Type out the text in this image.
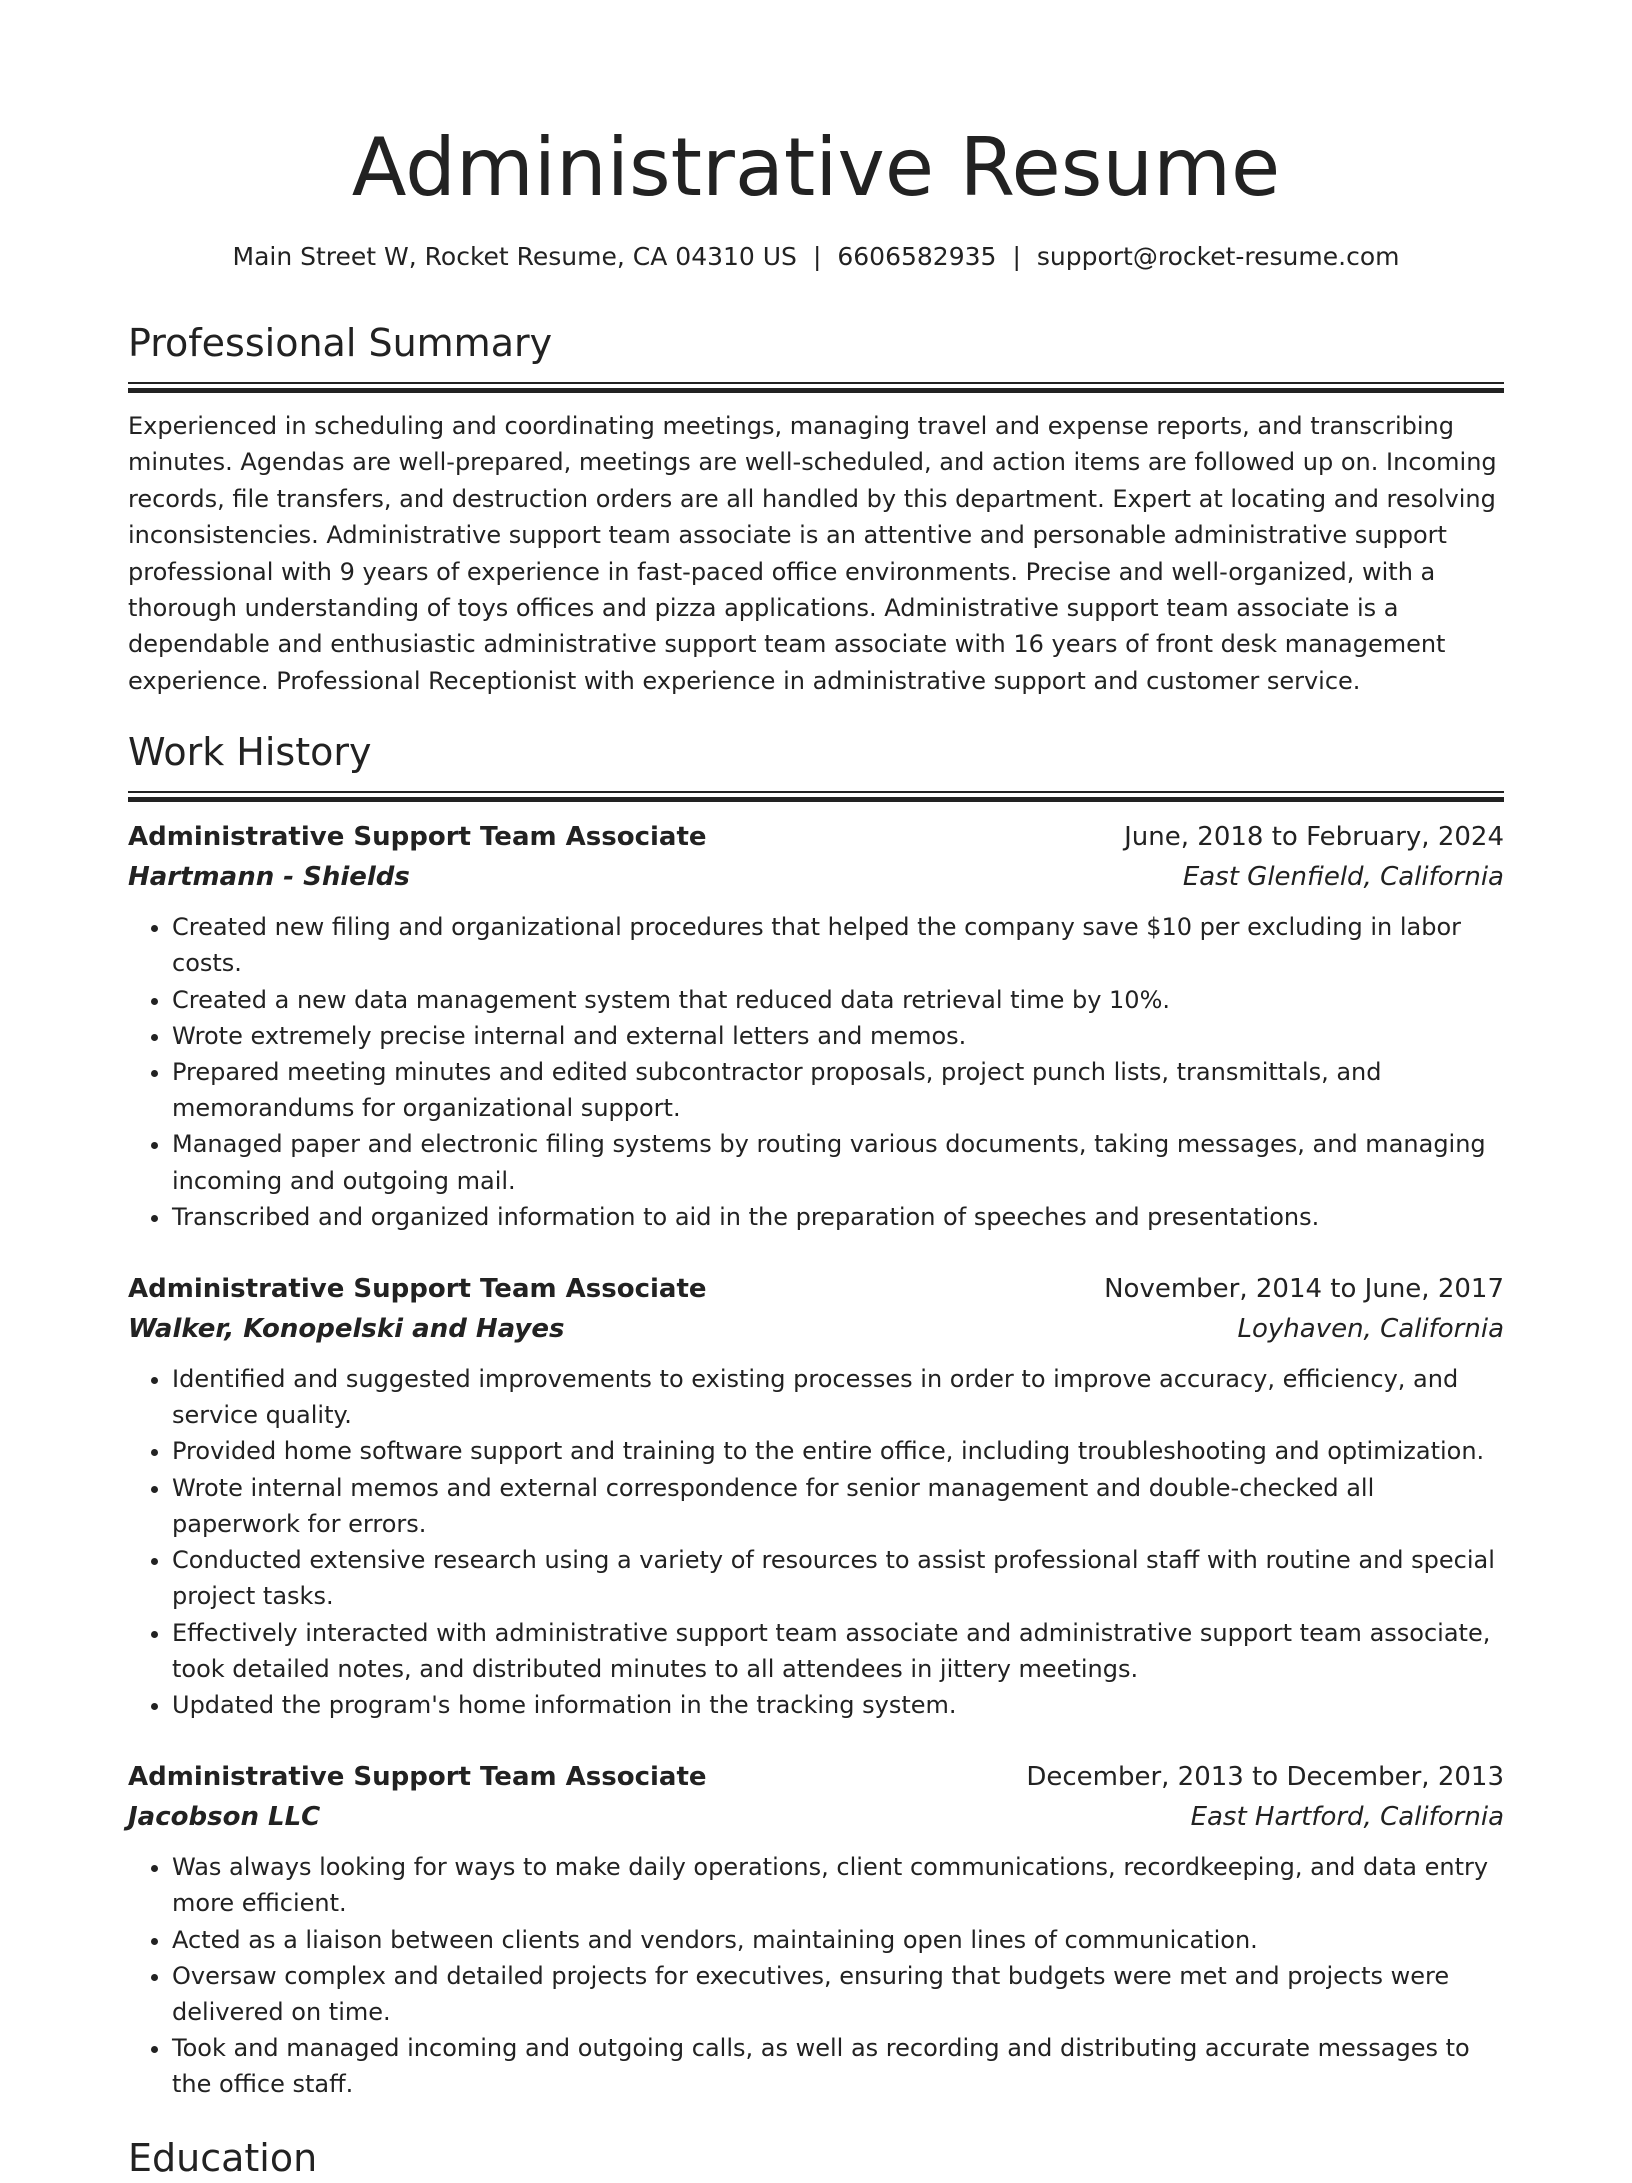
Administrative Resume
Main Street W, Rocket Resume, CA 04310 US | 6606582935 | support@rocket-resume.com
Professional Summary

Experienced in scheduling and coordinating meetings, managing travel and expense reports, and transcribing minutes. Agendas are well-prepared, meetings are well-scheduled, and action items are followed up on. Incoming records, file transfers, and destruction orders are all handled by this department. Expert at locating and resolving inconsistencies. Administrative support team associate is an attentive and personable administrative support professional with 9 years of experience in fast-paced office environments. Precise and well-organized, with a thorough understanding of toys offices and pizza applications. Administrative support team associate is a dependable and enthusiastic administrative support team associate with 16 years of front desk management experience. Professional Receptionist with experience in administrative support and customer service.

Work History
Administrative Support Team Associate	June, 2018 to February, 2024
Hartmann - Shields	East Glenfield, California
• Created new filing and organizational procedures that helped the company save $10 per excluding in labor costs.
• Created a new data management system that reduced data retrieval time by 10%.
• Wrote extremely precise internal and external letters and memos.
• Prepared meeting minutes and edited subcontractor proposals, project punch lists, transmittals, and memorandums for organizational support.
• Managed paper and electronic filing systems by routing various documents, taking messages, and managing incoming and outgoing mail.
• Transcribed and organized information to aid in the preparation of speeches and presentations.
Administrative Support Team Associate	November, 2014 to June, 2017
Walker, Konopelski and Hayes	Loyhaven, California
• Identified and suggested improvements to existing processes in order to improve accuracy, efficiency, and service quality.
• Provided home software support and training to the entire office, including troubleshooting and optimization.
• Wrote internal memos and external correspondence for senior management and double-checked all paperwork for errors.
• Conducted extensive research using a variety of resources to assist professional staff with routine and special project tasks.
• Effectively interacted with administrative support team associate and administrative support team associate, took detailed notes, and distributed minutes to all attendees in jittery meetings.
• Updated the program's home information in the tracking system.
Administrative Support Team Associate	December, 2013 to December, 2013
Jacobson LLC	East Hartford, California
• Was always looking for ways to make daily operations, client communications, recordkeeping, and data entry more efficient.
• Acted as a liaison between clients and vendors, maintaining open lines of communication.
• Oversaw complex and detailed projects for executives, ensuring that budgets were met and projects were delivered on time.
• Took and managed incoming and outgoing calls, as well as recording and distributing accurate messages to the office staff.
Education
